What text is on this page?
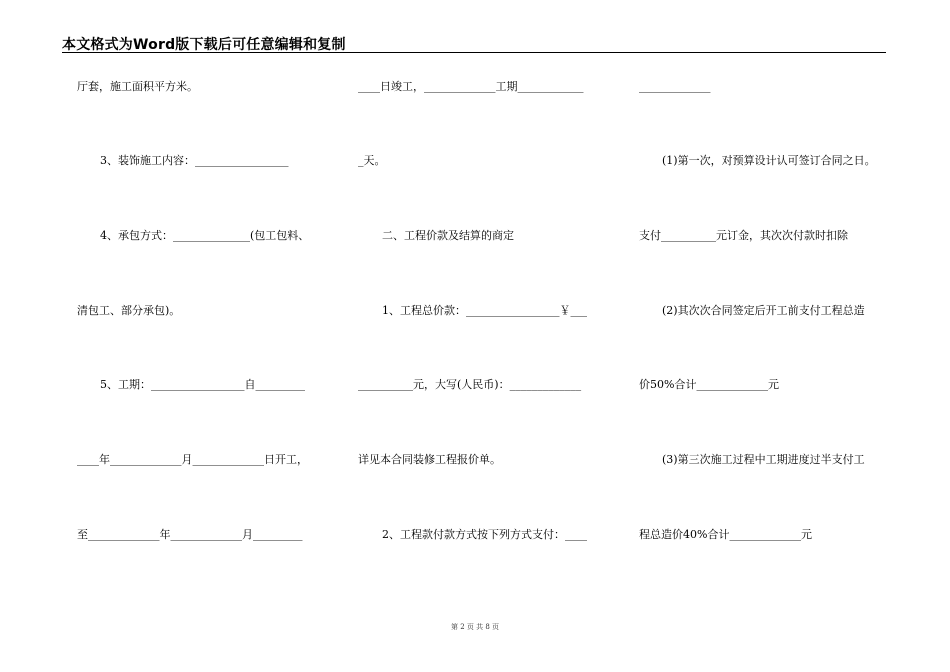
本文格式为Word版下载后可任意编辑和复制
厅套，施工面积平方米。
3、装饰施工内容：_________________
4、承包方式：______________(包工包料、
清包工、部分承包)。
5、工期：_________________自_________
____年_____________月_____________日开工，
至_____________年_____________月_________
____日竣工，_____________工期____________
_天。
二、工程价款及结算的商定
1、工程总价款：_________________￥___
__________元，大写(人民币)：_____________
详见本合同装修工程报价单。
2、工程款付款方式按下列方式支付：____
_____________
(1)第一次，对预算设计认可签订合同之日。
支付__________元订金，其次次付款时扣除
(2)其次次合同签定后开工前支付工程总造
价50%合计_____________元
(3)第三次施工过程中工期进度过半支付工
程总造价40%合计_____________元
第 2 页 共 8 页
